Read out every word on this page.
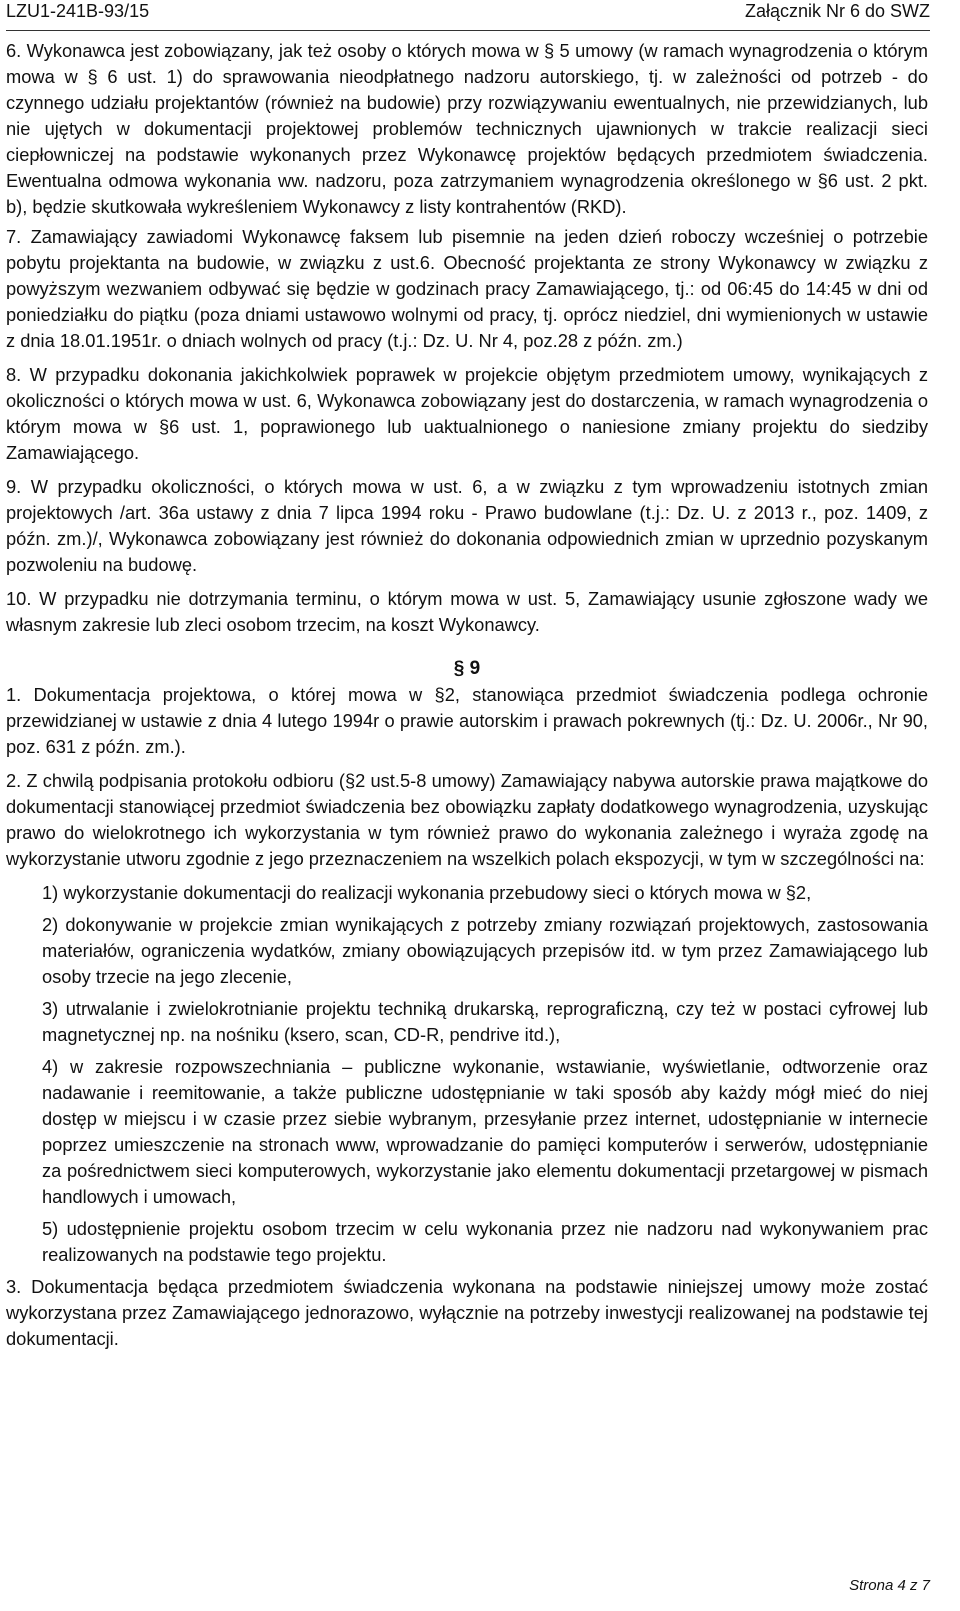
LZU1-241B-93/15	Załącznik Nr 6 do SWZ

6. Wykonawca jest zobowiązany, jak też osoby o których mowa w § 5 umowy (w ramach wynagrodzenia o którym mowa w § 6 ust. 1) do sprawowania nieodpłatnego nadzoru autorskiego, tj. w zależności od potrzeb - do czynnego udziału projektantów (również na budowie) przy rozwiązywaniu ewentualnych, nie przewidzianych, lub nie ujętych w dokumentacji projektowej problemów technicznych ujawnionych w trakcie realizacji sieci ciepłowniczej na podstawie wykonanych przez Wykonawcę projektów będących przedmiotem świadczenia. Ewentualna odmowa wykonania ww. nadzoru, poza zatrzymaniem wynagrodzenia określonego w §6 ust. 2 pkt. b), będzie skutkowała wykreśleniem Wykonawcy z listy kontrahentów (RKD).

7. Zamawiający zawiadomi Wykonawcę faksem lub pisemnie na jeden dzień roboczy wcześniej o potrzebie pobytu projektanta na budowie, w związku z ust.6. Obecność projektanta ze strony Wykonawcy w związku z powyższym wezwaniem odbywać się będzie w godzinach pracy Zamawiającego, tj.: od 06:45 do 14:45 w dni od poniedziałku do piątku (poza dniami ustawowo wolnymi od pracy, tj. oprócz niedziel, dni wymienionych w ustawie z dnia 18.01.1951r. o dniach wolnych od pracy (t.j.: Dz. U. Nr 4, poz.28 z późn. zm.)

8. W przypadku dokonania jakichkolwiek poprawek w projekcie objętym przedmiotem umowy, wynikających z okoliczności o których mowa w ust. 6, Wykonawca zobowiązany jest do dostarczenia, w ramach wynagrodzenia o którym mowa w §6 ust. 1, poprawionego lub uaktualnionego o naniesione zmiany projektu do siedziby Zamawiającego.

9. W przypadku okoliczności, o których mowa w ust. 6, a w związku z tym wprowadzeniu istotnych zmian projektowych /art. 36a ustawy z dnia 7 lipca 1994 roku - Prawo budowlane (t.j.: Dz. U. z 2013 r., poz. 1409, z późn. zm.)/, Wykonawca zobowiązany jest również do dokonania odpowiednich zmian w uprzednio pozyskanym pozwoleniu na budowę.

10. W przypadku nie dotrzymania terminu, o którym mowa w ust. 5, Zamawiający usunie zgłoszone wady we własnym zakresie lub zleci osobom trzecim, na koszt Wykonawcy.

§ 9

1. Dokumentacja projektowa, o której mowa w §2, stanowiąca przedmiot świadczenia podlega ochronie przewidzianej w ustawie z dnia 4 lutego 1994r o prawie autorskim i prawach pokrewnych (tj.: Dz. U. 2006r., Nr 90, poz. 631 z późn. zm.).

2. Z chwilą podpisania protokołu odbioru (§2 ust.5-8 umowy) Zamawiający nabywa autorskie prawa majątkowe do dokumentacji stanowiącej przedmiot świadczenia bez obowiązku zapłaty dodatkowego wynagrodzenia, uzyskując prawo do wielokrotnego ich wykorzystania w tym również prawo do wykonania zależnego i wyraża zgodę na wykorzystanie utworu zgodnie z jego przeznaczeniem na wszelkich polach ekspozycji, w tym w szczególności na:

1) wykorzystanie dokumentacji do realizacji wykonania przebudowy sieci o których mowa w §2,

2) dokonywanie w projekcie zmian wynikających z potrzeby zmiany rozwiązań projektowych, zastosowania materiałów, ograniczenia wydatków, zmiany obowiązujących przepisów itd. w tym przez Zamawiającego lub osoby trzecie na jego zlecenie,

3) utrwalanie i zwielokrotnianie projektu techniką drukarską, reprograficzną, czy też w postaci cyfrowej lub magnetycznej np. na nośniku (ksero, scan, CD-R, pendrive itd.),

4) w zakresie rozpowszechniania – publiczne wykonanie, wstawianie, wyświetlanie, odtworzenie oraz nadawanie i reemitowanie, a także publiczne udostępnianie w taki sposób aby każdy mógł mieć do niej dostęp w miejscu i w czasie przez siebie wybranym, przesyłanie przez internet, udostępnianie w internecie poprzez umieszczenie na stronach www, wprowadzanie do pamięci komputerów i serwerów, udostępnianie za pośrednictwem sieci komputerowych, wykorzystanie jako elementu dokumentacji przetargowej w pismach handlowych i umowach,

5) udostępnienie projektu osobom trzecim w celu wykonania przez nie nadzoru nad wykonywaniem prac realizowanych na podstawie tego projektu.

3. Dokumentacja będąca przedmiotem świadczenia wykonana na podstawie niniejszej umowy może zostać wykorzystana przez Zamawiającego jednorazowo, wyłącznie na potrzeby inwestycji realizowanej na podstawie tej dokumentacji.

Strona 4 z 7
